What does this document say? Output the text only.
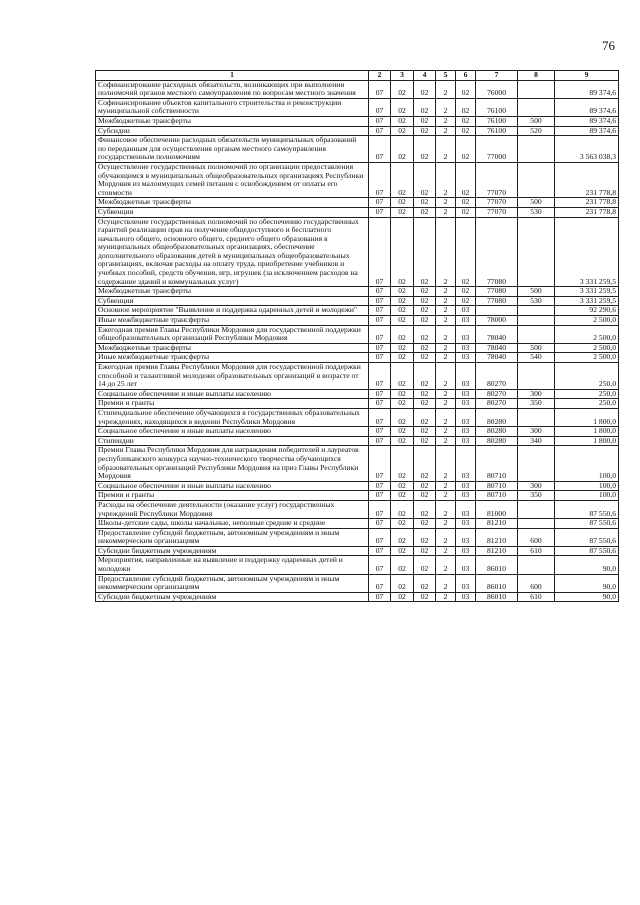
76
1	2	3	4	5	6	7	8	9
Софинансирование расходных обязательств, возникающих при выполнении полномочий органов местного самоуправления по вопросам местного значения	07	02	02	2	02	76000		89 374,6
Софинансирование объектов капитального строительства и реконструкции муниципальной собственности	07	02	02	2	02	76100		89 374,6
Межбюджетные трансферты	07	02	02	2	02	76100	500	89 374,6
Субсидии	07	02	02	2	02	76100	520	89 374,6
Финансовое обеспечение расходных обязательств муниципальных образований по переданным для осуществления органам местного самоуправления государственным полномочиям	07	02	02	2	02	77000		3 563 038,3
Осуществление государственных полномочий по организации предоставления обучающимся в муниципальных общеобразовательных организациях Республики Мордовия из малоимущих семей питания с освобождением от оплаты его стоимости	07	02	02	2	02	77070		231 778,8
Межбюджетные трансферты	07	02	02	2	02	77070	500	231 778,8
Субвенции	07	02	02	2	02	77070	530	231 778,8
Осуществление государственных полномочий по обеспечению государственных гарантий реализации прав на получение общедоступного и бесплатного начального общего, основного общего, среднего общего образования в муниципальных общеобразовательных организациях, обеспечение дополнительного образования детей в муниципальных общеобразовательных организациях, включая расходы на оплату труда, приобретение учебников и учебных пособий, средств обучения, игр, игрушек (за исключением расходов на содержание зданий и коммунальных услуг)	07	02	02	2	02	77080		3 331 259,5
Межбюджетные трансферты	07	02	02	2	02	77080	500	3 331 259,5
Субвенции	07	02	02	2	02	77080	530	3 331 259,5
Основное мероприятие "Выявление и поддержка одаренных детей и молодежи"	07	02	02	2	03			92 290,6
Иные межбюджетные трансферты	07	02	02	2	03	78000		2 500,0
Ежегодная премия Главы Республики Мордовия для государственной поддержки общеобразовательных организаций Республики Мордовия	07	02	02	2	03	78040		2 500,0
Межбюджетные трансферты	07	02	02	2	03	78040	500	2 500,0
Иные межбюджетные трансферты	07	02	02	2	03	78040	540	2 500,0
Ежегодная премия Главы Республики Мордовия для государственной поддержки способной и талантливой молодежи образовательных организаций в возрасте от 14 до 25 лет	07	02	02	2	03	80270		250,0
Социальное обеспечение и иные выплаты населению	07	02	02	2	03	80270	300	250,0
Премии и гранты	07	02	02	2	03	80270	350	250,0
Стипендиальное обеспечение обучающихся в государственных образовательных учреждениях, находящихся в ведении Республики Мордовия	07	02	02	2	03	80280		1 800,0
Социальное обеспечение и иные выплаты населению	07	02	02	2	03	80280	300	1 800,0
Стипендии	07	02	02	2	03	80280	340	1 800,0
Премии Главы Республики Мордовия для награждения победителей и лауреатов республиканского конкурса научно-технического творчества обучающихся образовательных организаций Республики Мордовия на приз Главы Республики Мордовия	07	02	02	2	03	80710		100,0
Социальное обеспечение и иные выплаты населению	07	02	02	2	03	80710	300	100,0
Премии и гранты	07	02	02	2	03	80710	350	100,0
Расходы на обеспечение деятельности (оказание услуг) государственных учреждений Республики Мордовия	07	02	02	2	03	81000		87 550,6
Школы-детские сады, школы начальные, неполные средние и средние	07	02	02	2	03	81210		87 550,6
Предоставление субсидий бюджетным, автономным учреждениям и иным некоммерческим организациям	07	02	02	2	03	81210	600	87 550,6
Субсидии бюджетным учреждениям	07	02	02	2	03	81210	610	87 550,6
Мероприятия, направленные на выявление и поддержку одаренных детей и молодежи	07	02	02	2	03	86010		90,0
Предоставление субсидий бюджетным, автономным учреждениям и иным некоммерческим организациям	07	02	02	2	03	86010	600	90,0
Субсидии бюджетным учреждениям	07	02	02	2	03	86010	610	90,0
